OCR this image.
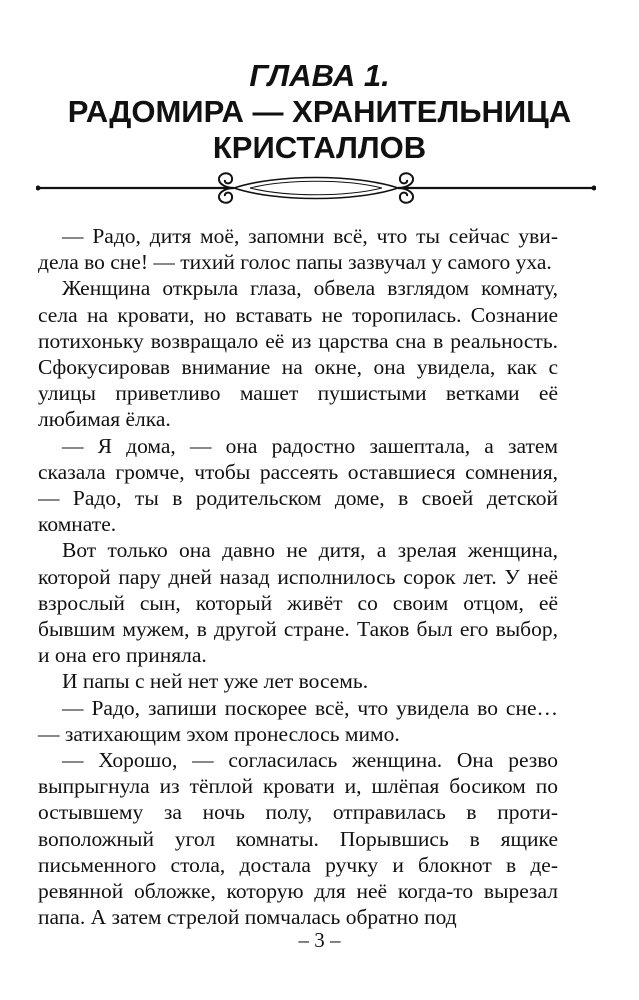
ГЛАВА 1.
РАДОМИРА — ХРАНИТЕЛЬНИЦА
КРИСТАЛЛОВ

— Радо, дитя моё, запомни всё, что ты сейчас увидела во сне! — тихий голос папы зазвучал у самого уха.

Женщина открыла глаза, обвела взглядом комнату, села на кровати, но вставать не торопилась. Сознание потихоньку возвращало её из царства сна в реальность. Сфокусировав внимание на окне, она увидела, как с улицы приветливо машет пушистыми ветками её любимая ёлка.

— Я дома, — она радостно зашептала, а затем сказала громче, чтобы рассеять оставшиеся сомнения, — Радо, ты в родительском доме, в своей детской комнате.

Вот только она давно не дитя, а зрелая женщина, которой пару дней назад исполнилось сорок лет. У неё взрослый сын, который живёт со своим отцом, её бывшим мужем, в другой стране. Таков был его выбор, и она его приняла.

И папы с ней нет уже лет восемь.

— Радо, запиши поскорее всё, что увидела во сне… — затихающим эхом пронеслось мимо.

— Хорошо, — согласилась женщина. Она резво выпрыгнула из тёплой кровати и, шлёпая босиком по остывшему за ночь полу, отправилась в противоположный угол комнаты. Порывшись в ящике письменного стола, достала ручку и блокнот в деревянной обложке, которую для неё когда-то вырезал папа. А затем стрелой помчалась обратно под

– 3 –
